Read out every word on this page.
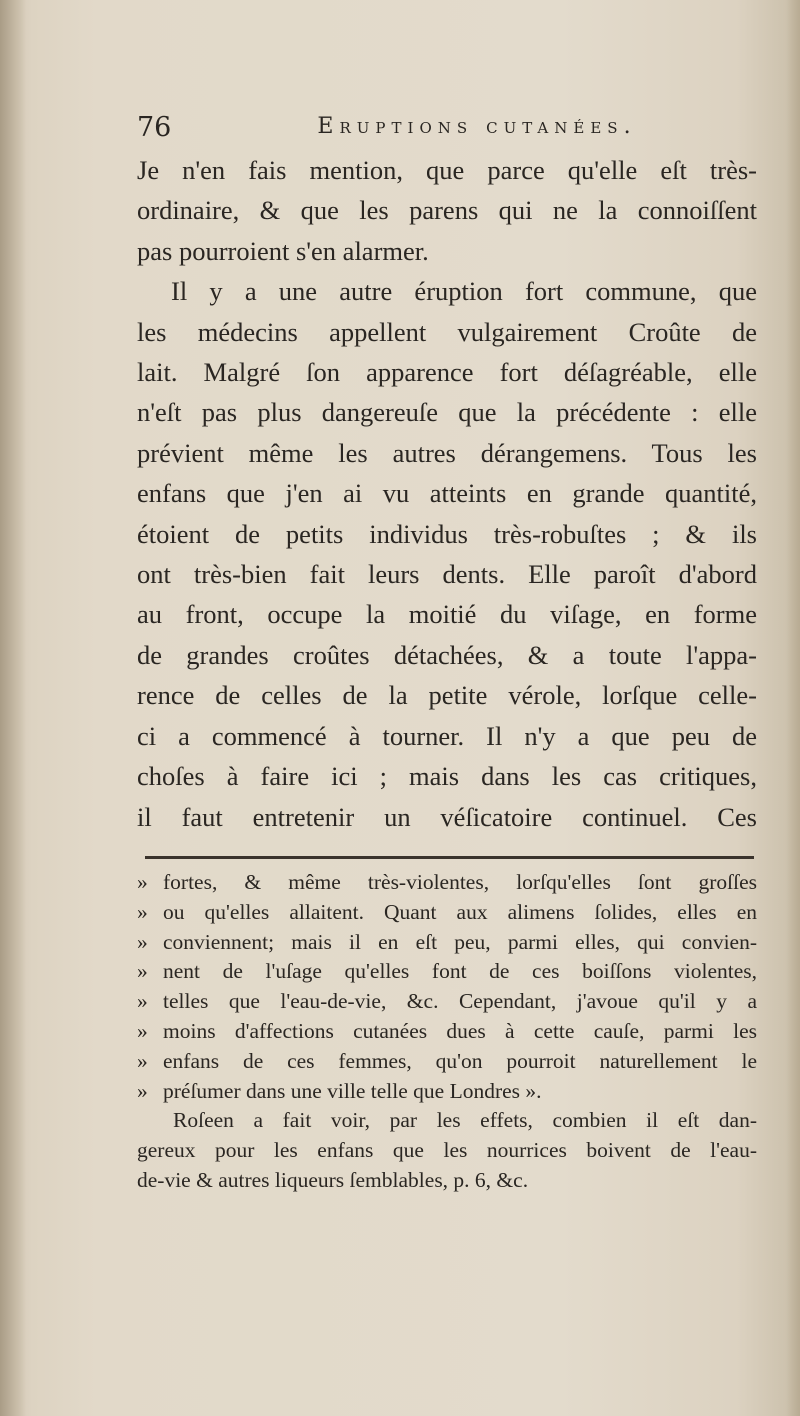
76	Eruptions cutanées.
Je n'en fais mention, que parce qu'elle eſt très-
ordinaire, & que les parens qui ne la connoiſſent
pas pourroient s'en alarmer.
Il y a une autre éruption fort commune, que
les médecins appellent vulgairement Croûte de
lait. Malgré ſon apparence fort déſagréable, elle
n'eſt pas plus dangereuſe que la précédente : elle
prévient même les autres dérangemens. Tous les
enfans que j'en ai vu atteints en grande quantité,
étoient de petits individus très-robuſtes ; & ils
ont très-bien fait leurs dents. Elle paroît d'abord
au front, occupe la moitié du viſage, en forme
de grandes croûtes détachées, & a toute l'appa-
rence de celles de la petite vérole, lorſque celle-
ci a commencé à tourner. Il n'y a que peu de
choſes à faire ici ; mais dans les cas critiques,
il faut entretenir un véſicatoire continuel. Ces
» fortes, & même très-violentes, lorſqu'elles ſont groſſes
» ou qu'elles allaitent. Quant aux alimens ſolides, elles en
» conviennent; mais il en eſt peu, parmi elles, qui convien-
» nent de l'uſage qu'elles font de ces boiſſons violentes,
» telles que l'eau-de-vie, &c. Cependant, j'avoue qu'il y a
» moins d'affections cutanées dues à cette cauſe, parmi les
» enfans de ces femmes, qu'on pourroit naturellement le
» préſumer dans une ville telle que Londres ».
Roſeen a fait voir, par les effets, combien il eſt dan-
gereux pour les enfans que les nourrices boivent de l'eau-
de-vie & autres liqueurs ſemblables, p. 6, &c.
